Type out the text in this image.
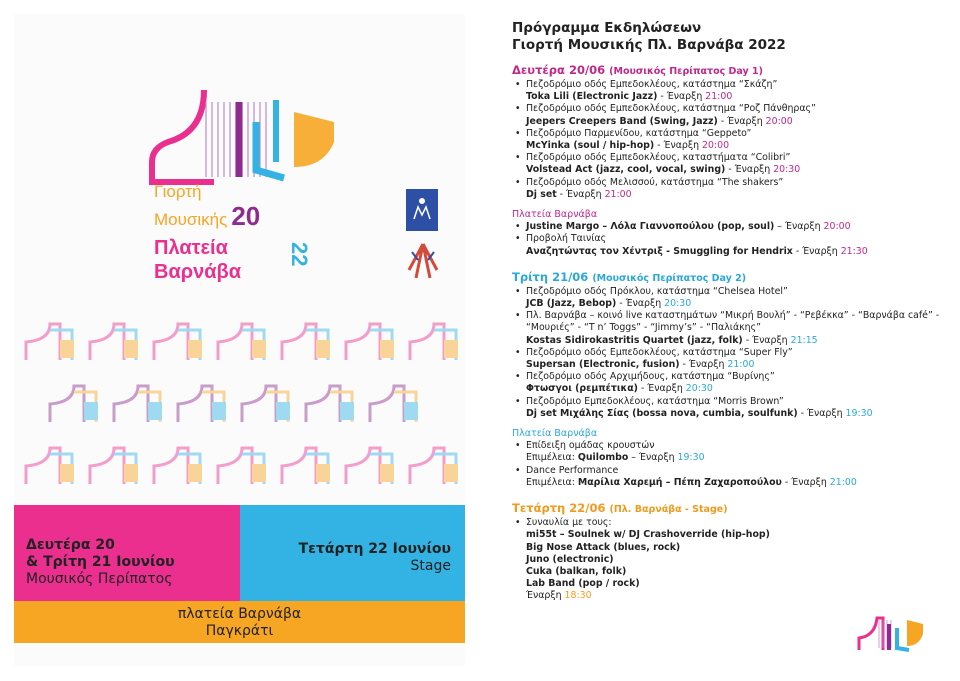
Γιορτή
Μουσικής 20
Πλατεία
Βαρνάβα
22
Δευτέρα 20
& Τρίτη 21 Ιουνίου
Μουσικός Περίπατος
Τετάρτη 22 Ιουνίου
Stage
πλατεία Βαρνάβα
Παγκράτι
Πρόγραμμα Εκδηλώσεων
Γιορτή Μουσικής Πλ. Βαρνάβα 2022
Δευτέρα 20/06 (Μουσικός Περίπατος Day 1)
• Πεζοδρόμιο οδός Εμπεδοκλέους, κατάστημα “Σκάζη”
Toka Lili (Electronic Jazz) - Έναρξη 21:00
• Πεζοδρόμιο οδός Εμπεδοκλέους, κατάστημα “Ροζ Πάνθηρας”
Jeepers Creepers Band (Swing, Jazz) - Έναρξη 20:00
• Πεζοδρόμιο Παρμενίδου, κατάστημα “Geppeto”
McYinka (soul / hip-hop) - Έναρξη 20:00
• Πεζοδρόμιο οδός Εμπεδοκλέους, καταστήματα “Colibri”
Volstead Act (jazz, cool, vocal, swing) - Έναρξη 20:30
• Πεζοδρόμιο οδός Μελισσού, κατάστημα “The shakers”
Dj set - Έναρξη 21:00
Πλατεία Βαρνάβα
• Justine Margo – Λόλα Γιαννοπούλου (pop, soul) – Έναρξη 20:00
• Προβολή Ταινίας
Αναζητώντας τον Χέντριξ - Smuggling for Hendrix - Έναρξη 21:30
Τρίτη 21/06 (Μουσικός Περίπατος Day 2)
• Πεζοδρόμιο οδός Πρόκλου, κατάστημα “Chelsea Hotel”
JCB (Jazz, Bebop) - Έναρξη 20:30
• Πλ. Βαρνάβα – κοινό live καταστημάτων “Μικρή Βουλή” - “Ρεβέκκα” - “Βαρνάβα café” - “Μουριές” - “T n’ Toggs” - “Jimmy’s” - “Παλιάκης”
Kostas Sidirokastritis Quartet (jazz, folk) - Έναρξη 21:15
• Πεζοδρόμιο οδός Εμπεδοκλέους, κατάστημα “Super Fly”
Supersan (Electronic, fusion) - Έναρξη 21:00
• Πεζοδρόμιο οδός Αρχιμήδους, κατάστημα “Βυρίνης”
Φτωσγοι (ρεμπέτικα) - Έναρξη 20:30
• Πεζοδρόμιο Εμπεδοκλέους, κατάστημα “Morris Brown”
Dj set Μιχάλης Σίας (bossa nova, cumbia, soulfunk) - Έναρξη 19:30
Πλατεία Βαρνάβα
• Επίδειξη ομάδας κρουστών
Επιμέλεια: Quilombo – Έναρξη 19:30
• Dance Performance
Επιμέλεια: Μαρίλια Χαρεμή – Πέπη Ζαχαροπούλου - Έναρξη 21:00
Τετάρτη 22/06 (Πλ. Βαρνάβα - Stage)
• Συναυλία με τους:
mi55t – Soulnek w/ DJ Crashoverride (hip-hop)
Big Nose Attack (blues, rock)
Juno (electronic)
Cuka (balkan, folk)
Lab Band (pop / rock)
Έναρξη 18:30
